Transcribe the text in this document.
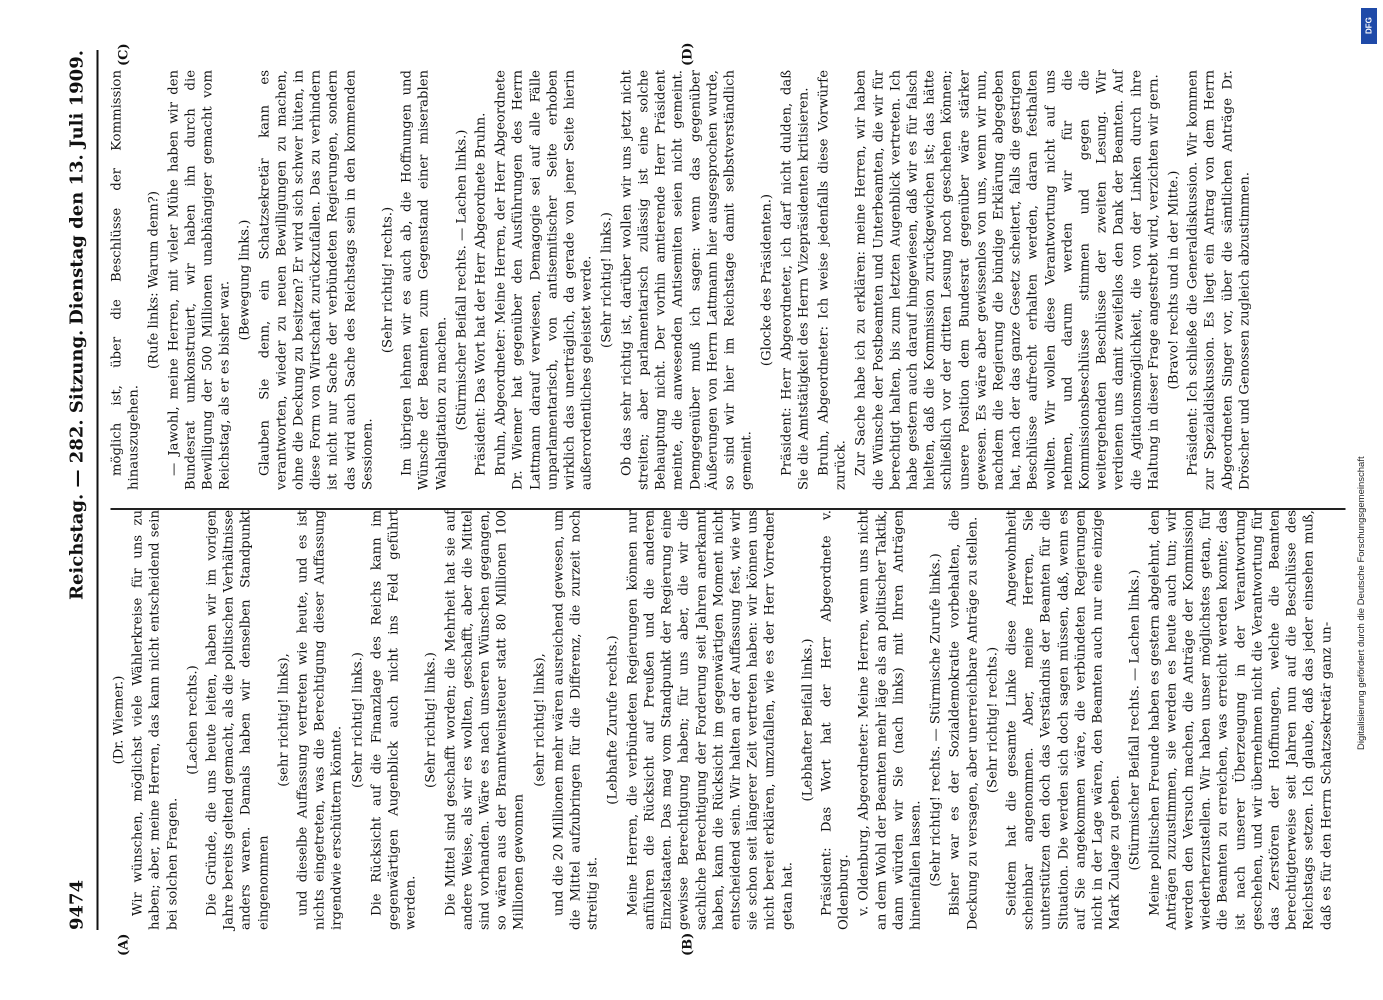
9474
Reichstag. — 282. Sitzung.
Dienstag den 13. Juli 1909.
(A)	(B)
(C)	(D)

(Dr. Wiemer.) Wir wünschen, möglichst viele Wählerkreise für uns zu haben; aber, meine Herren, das kann nicht entscheidend sein bei solchen Fragen.

(Lachen rechts.) Die Gründe, die uns heute leiten, haben wir im vorigen Jahre bereits geltend gemacht, als die politischen Verhältnisse anders waren. Damals haben wir denselben Standpunkt eingenommen

(sehr richtig! links), und dieselbe Auffassung vertreten wie heute, und es ist nichts eingetreten, was die Berechtigung dieser Auffassung irgendwie erschüttern könnte.

(Sehr richtig! links.) Die Rücksicht auf die Finanzlage des Reichs kann im gegenwärtigen Augenblick auch nicht ins Feld geführt werden.

(Sehr richtig! links.) Die Mittel sind geschafft worden; die Mehrheit hat sie auf andere Weise, als wir es wollten, geschafft, aber die Mittel sind vorhanden. Wäre es nach unseren Wünschen gegangen, so wären aus der Branntweinsteuer statt 80 Millionen 100 Millionen gewonnen

(sehr richtig! links), und die 20 Millionen mehr wären ausreichend gewesen, um die Mittel aufzubringen für die Differenz, die zurzeit noch streitig ist.

(Lebhafte Zurufe rechts.) Meine Herren, die verbündeten Regierungen können nur anführen die Rücksicht auf Preußen und die anderen Einzelstaaten. Das mag vom Standpunkt der Regierung eine gewisse Berechtigung haben; für uns aber, die wir die sachliche Berechtigung der Forderung seit Jahren anerkannt haben, kann die Rücksicht im gegenwärtigen Moment nicht entscheidend sein. Wir halten an der Auffassung fest, wie wir sie schon seit längerer Zeit vertreten haben: wir können uns nicht bereit erklären, umzufallen, wie es der Herr Vorredner getan hat.

(Lebhafter Beifall links.) Präsident: Das Wort hat der Herr Abgeordnete v. Oldenburg. v. Oldenburg, Abgeordneter: Meine Herren, wenn uns nicht an dem Wohl der Beamten mehr läge als an politischer Taktik, dann würden wir Sie (nach links) mit Ihren Anträgen hineinfallen lassen. (Sehr richtig! rechts. — Stürmische Zurufe links.) Bisher war es der Sozialdemokratie vorbehalten, die Deckung zu versagen, aber unerreichbare Anträge zu stellen. (Sehr richtig! rechts.) Seitdem hat die gesamte Linke diese Angewohnheit scheinbar angenommen. Aber, meine Herren, Sie unterstützen den doch das Verständnis der Beamten für die Situation. Die werden sich doch sagen müssen, daß, wenn es auf Sie angekommen wäre, die verbündeten Regierungen nicht in der Lage wären, den Beamten auch nur eine einzige Mark Zulage zu geben. (Stürmischer Beifall rechts. — Lachen links.) Meine politischen Freunde haben es gestern abgelehnt, den Anträgen zuzustimmen, sie werden es heute auch tun; wir werden den Versuch machen, die Anträge der Kommission wiederherzustellen. Wir haben unser möglichstes getan, für die Beamten zu erreichen, was erreicht werden konnte; das ist nach unserer Überzeugung in der Verantwortung geschehen, und wir übernehmen nicht die Verantwortung für das Zerstören der Hoffnungen, welche die Beamten berechtigterweise seit Jahren nun auf die Beschlüsse des Reichstags setzen. Ich glaube, daß das jeder einsehen muß, daß es für den Herrn Schatzsekretär ganz un-

möglich ist, über die Beschlüsse der Kommission hinauszugehen.

(Rufe links: Warum denn?) — Jawohl, meine Herren, mit vieler Mühe haben wir den Bundesrat umkonstruiert, wir haben ihn durch die Bewilligung der 500 Millionen unabhängiger gemacht vom Reichstag, als er es bisher war.

(Bewegung links.) Glauben Sie denn, ein Schatzsekretär kann es verantworten, wieder zu neuen Bewilligungen zu machen, ohne die Deckung zu besitzen? Er wird sich schwer hüten, in diese Form von Wirtschaft zurückzufallen. Das zu verhindern ist nicht nur Sache der verbündeten Regierungen, sondern das wird auch Sache des Reichstags sein in den kommenden Sessionen.

(Sehr richtig! rechts.) Im übrigen lehnen wir es auch ab, die Hoffnungen und Wünsche der Beamten zum Gegenstand einer miserablen Wahlagitation zu machen. (Stürmischer Beifall rechts. — Lachen links.) Präsident: Das Wort hat der Herr Abgeordnete Bruhn. Bruhn, Abgeordneter: Meine Herren, der Herr Abgeordnete Dr. Wiemer hat gegenüber den Ausführungen des Herrn Lattmann darauf verwiesen, Demagogie sei auf alle Fälle unparlamentarisch, von antisemitischer Seite erhoben wirklich das unerträglich, da gerade von jener Seite hierin außerordentliches geleistet werde. (Sehr richtig! links.) Ob das sehr richtig ist, darüber wollen wir uns jetzt nicht streiten; aber parlamentarisch zulässig ist eine solche Behauptung nicht. Der vorhin amtierende Herr Präsident meinte, die anwesenden Antisemiten seien nicht gemeint. Demgegenüber muß ich sagen: wenn das gegenüber Äußerungen von Herrn Lattmann hier ausgesprochen wurde, so sind wir hier im Reichstage damit selbstverständlich gemeint.

(Glocke des Präsidenten.) Präsident: Herr Abgeordneter, ich darf nicht dulden, daß Sie die Amtstätigkeit des Herrn Vizepräsidenten kritisieren. Bruhn, Abgeordneter: Ich weise jedenfalls diese Vorwürfe zurück. Zur Sache habe ich zu erklären: meine Herren, wir haben die Wünsche der Postbeamten und Unterbeamten, die wir für berechtigt halten, bis zum letzten Augenblick vertreten. Ich habe gestern auch darauf hingewiesen, daß wir es für falsch hielten, daß die Kommission zurückgewichen ist; das hätte schließlich vor der dritten Lesung noch geschehen können; unsere Position dem Bundesrat gegenüber wäre stärker gewesen. Es wäre aber gewissenlos von uns, wenn wir nun, nachdem die Regierung die bündige Erklärung abgegeben hat, nach der das ganze Gesetz scheitert, falls die gestrigen Beschlüsse aufrecht erhalten werden, daran festhalten wollten. Wir wollen diese Verantwortung nicht auf uns nehmen, und darum werden wir für die Kommissionsbeschlüsse stimmen und gegen die weitergehenden Beschlüsse der zweiten Lesung. Wir verdienen uns damit zweifellos den Dank der Beamten. Auf die Agitationsmöglichkeit, die von der Linken durch ihre Haltung in dieser Frage angestrebt wird, verzichten wir gern. (Bravo! rechts und in der Mitte.) Präsident: Ich schließe die Generaldiskussion. Wir kommen zur Spezialdiskussion. Es liegt ein Antrag von dem Herrn Abgeordneten Singer vor, über die sämtlichen Anträge Dr. Dröscher und Genossen zugleich abzustimmen.

DFG
Digitalisierung gefördert durch die Deutsche Forschungsgemeinschaft
